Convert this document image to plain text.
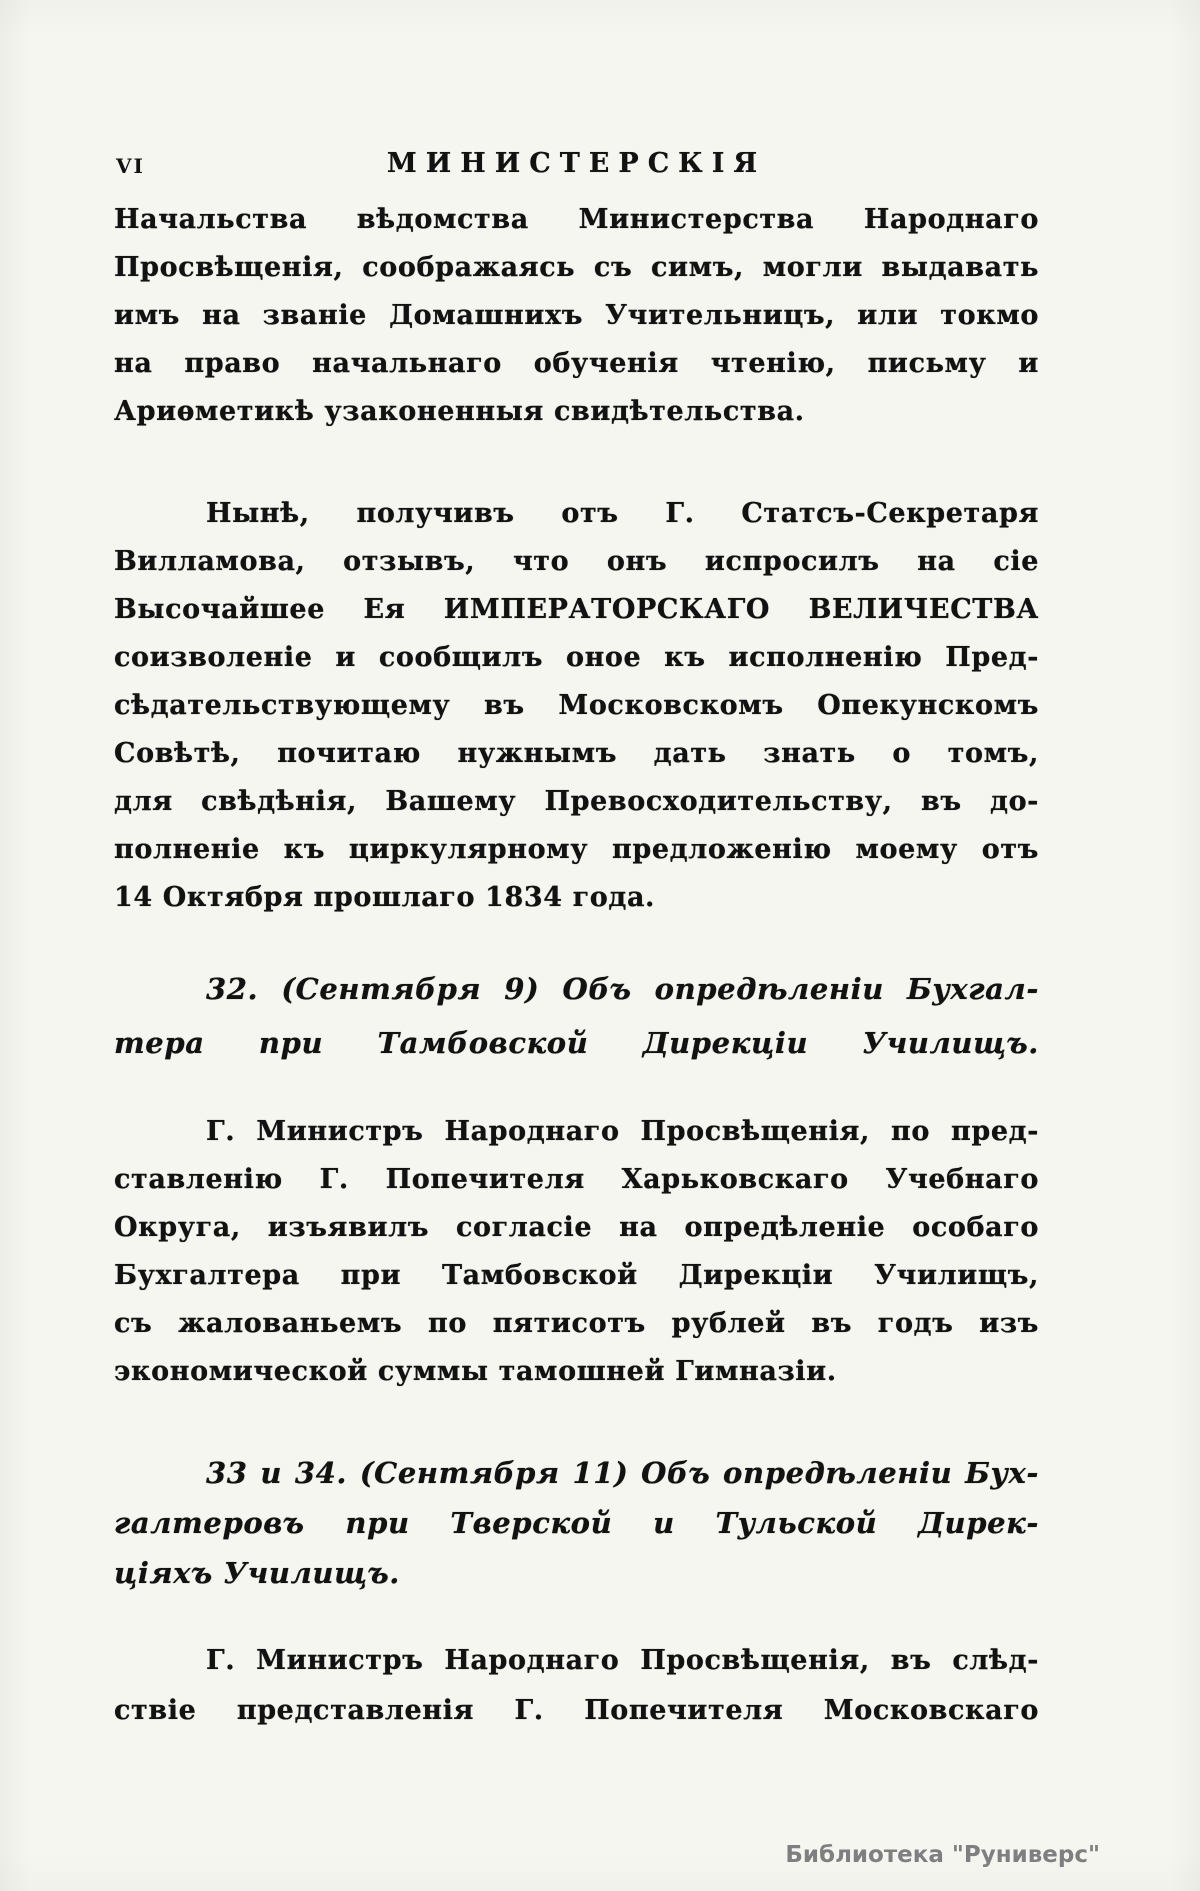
VI	МИНИСТЕРСКІЯ
Начальства вѣдомства Министерства Народнаго
Просвѣщенія, соображаясь съ симъ, могли выдавать
имъ на званіе Домашнихъ Учительницъ, или токмо
на право начальнаго обученія чтенію, письму и
Ариѳметикѣ узаконенныя свидѣтельства.
Нынѣ, получивъ отъ Г. Статсъ-Секретаря
Вилламова, отзывъ, что онъ испросилъ на сіе
Высочайшее Ея ИМПЕРАТОРСКАГО ВЕЛИЧЕСТВА
соизволеніе и сообщилъ оное къ исполненію Пред-
сѣдательствующему въ Московскомъ Опекунскомъ
Совѣтѣ, почитаю нужнымъ дать знать о томъ,
для свѣдѣнія, Вашему Превосходительству, въ до-
полненіе къ циркулярному предложенію моему отъ
14 Октября прошлаго 1834 года.
32. (Сентября 9) Объ опредѣленіи Бухгал-
тера при Тамбовской Дирекціи Училищъ.
Г. Министръ Народнаго Просвѣщенія, по пред-
ставленію Г. Попечителя Харьковскаго Учебнаго
Округа, изъявилъ согласіе на опредѣленіе особаго
Бухгалтера при Тамбовской Дирекціи Училищъ,
съ жалованьемъ по пятисотъ рублей въ годъ изъ
экономической суммы тамошней Гимназіи.
33 и 34. (Сентября 11) Объ опредѣленіи Бух-
галтеровъ при Тверской и Тульской Дирек-
ціяхъ Училищъ.
Г. Министръ Народнаго Просвѣщенія, въ слѣд-
ствіе представленія Г. Попечителя Московскаго
Библиотека "Руниверс"
